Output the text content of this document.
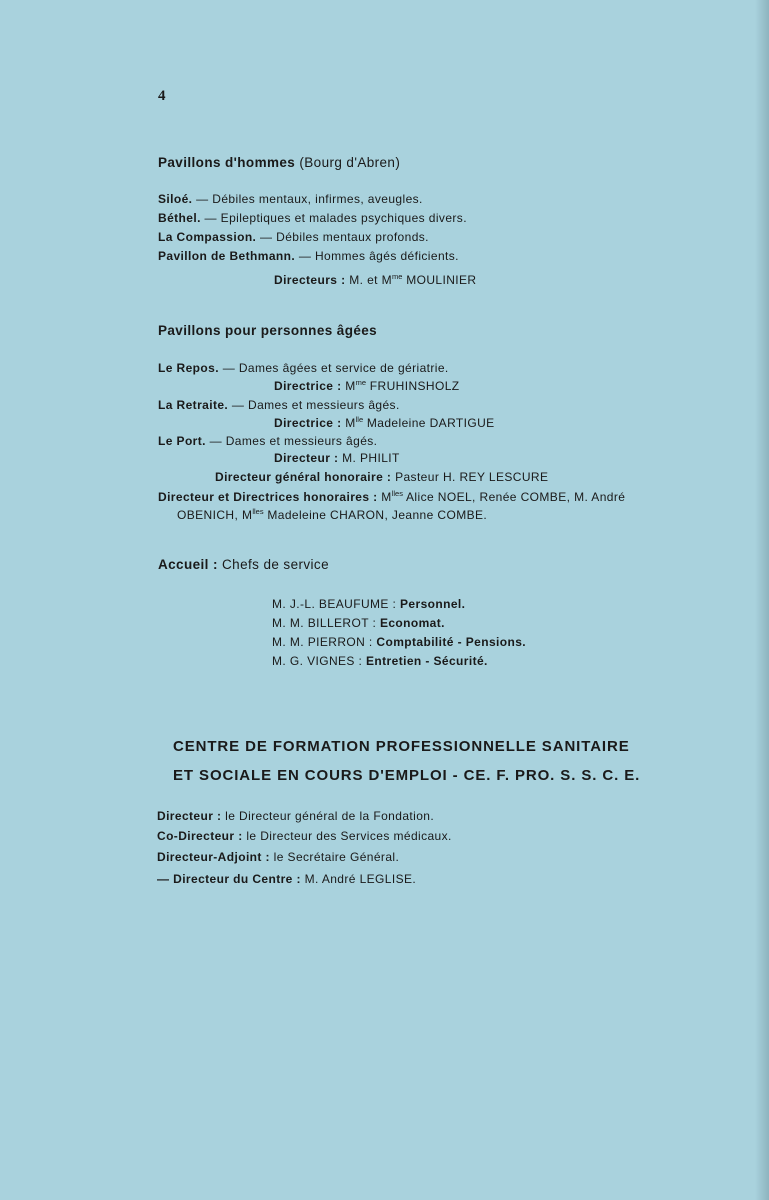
4
Pavillons d'hommes (Bourg d'Abren)
Siloé. — Débiles mentaux, infirmes, aveugles.
Béthel. — Epileptiques et malades psychiques divers.
La Compassion. — Débiles mentaux profonds.
Pavillon de Bethmann. — Hommes âgés déficients.
Directeurs : M. et $M^{me}$ MOULINIER
Pavillons pour personnes âgées
Le Repos. — Dames âgées et service de gériatrie.
Directrice : $M^{me}$ FRUHINSHOLZ
La Retraite. — Dames et messieurs âgés.
Directrice : $M^{lle}$ Madeleine DARTIGUE
Le Port. — Dames et messieurs âgés.
Directeur : M. PHILIT
Directeur général honoraire : Pasteur H. REY LESCURE
Directeur et Directrices honoraires : $M^{lles}$ Alice NOEL, Renée COMBE, M. André
OBENICH, $M^{lles}$ Madeleine CHARON, Jeanne COMBE.
Accueil : Chefs de service
M. J.-L. BEAUFUME : Personnel.
M. M. BILLEROT : Economat.
M. M. PIERRON : Comptabilité - Pensions.
M. G. VIGNES : Entretien - Sécurité.
CENTRE DE FORMATION PROFESSIONNELLE SANITAIRE
ET SOCIALE EN COURS D'EMPLOI - CE. F. PRO. S. S. C. E.
Directeur : le Directeur général de la Fondation.
Co-Directeur : le Directeur des Services médicaux.
Directeur-Adjoint : le Secrétaire Général.
— Directeur du Centre : M. André LEGLISE.
